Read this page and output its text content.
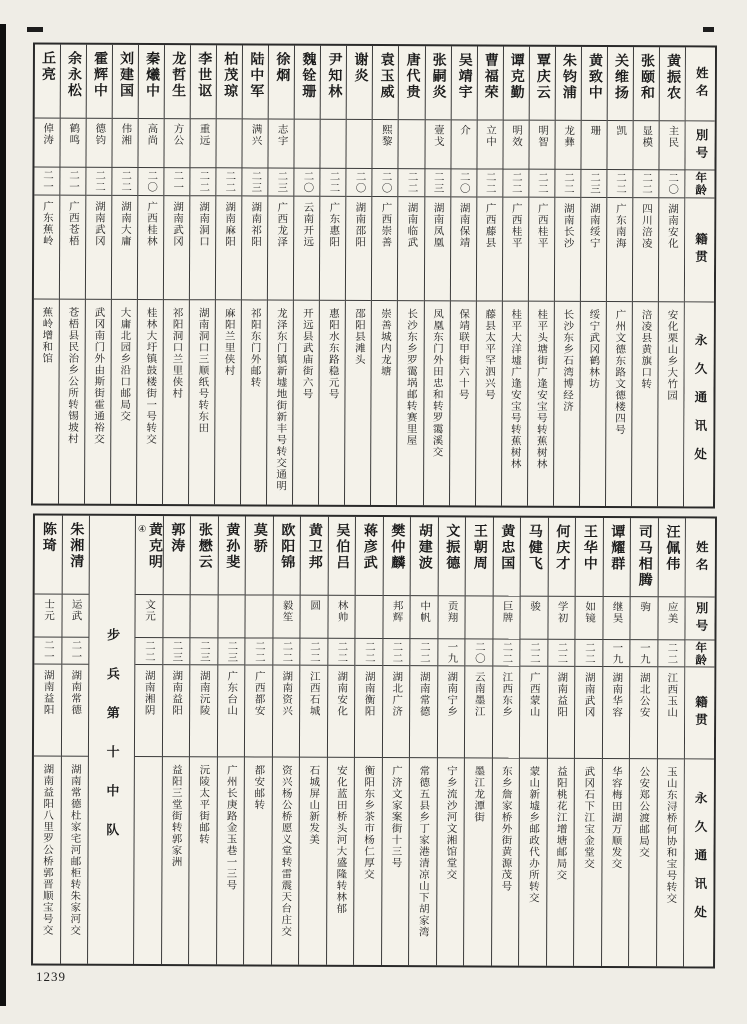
姓名
別号
年龄
籍贯
永久通讯处
黄振农
主民
二〇
湖南安化
安化栗山乡大竹园
张颐和
显模
二二
四川涪凌
涪凌县黄旗口转
关维扬
凯
二二
广东南海
广州文德东路文德楼四号
黄致中
珊
二三
湖南绥宁
绥宁武冈鹤林坊
朱钧浦
龙彝
二二
湖南长沙
长沙东乡石湾博经济
覃庆云
明智
二二
广西桂平
桂平头塘街广逢安宝号转蕉树林
谭克勤
明效
二二
广西桂平
桂平大洋墟广逢安宝号转蕉树林
曹福荣
立中
二二
广西藤县
藤县太平罕泗兴号
吴靖宇
介
二〇
湖南保靖
保靖联甲街六十号
张嗣炎
壹戈
二三
湖南凤凰
凤凰东门外田忠和转罗霭溪交
唐代贵
二二
湖南临武
长沙东乡罗霭埚邮转赛里屋
袁玉威
熙黎
二〇
广西崇善
崇善城内龙塘
谢炎
二〇
湖南邵阳
邵阳县滩头
尹知林
二二
广东惠阳
惠阳水东路稳元号
魏铨珊
二〇
云南开远
开远县武庙街六号
徐烱
志宇
二三
广西龙泽
龙泽东门镇新墟地街新丰号转交通明
陆中军
满兴
二三
湖南祁阳
祁阳东门外邮转
柏茂琼
二二
湖南麻阳
麻阳兰里侠村
李世讴
重远
二二
湖南洞口
湖南洞口三顺纸号转东田
龙哲生
方公
二一
湖南武冈
祁阳洞口兰里侠村
秦爔中
高尚
二〇
广西桂林
桂林大圩镇鼓楼街一号转交
刘建国
伟湘
二二
湖南大庸
大庸北园乡沿口邮局交
霍辉中
德钧
二二
湖南武冈
武冈南门外由斯街霍通裕交
余永松
鹤鸣
二一
广西苍梧
苍梧县民治乡公所转锡坡村
丘亮
倬涛
二一
广东蕉岭
蕉岭增和馆
姓名
別号
年龄
籍贯
永久通讯处
汪佩伟
应美
二二
江西玉山
玉山东浔桥何协和宝号转交
司马相腾
驹
一九
湖北公安
公安郑公渡邮局交
谭耀群
继昊
一九
湖南华容
华容梅田湖万顺发交
王华中
如镜
二二
湖南武冈
武冈石下江宝金堂交
何庆才
学初
二二
湖南益阳
益阳桃花江增塘邮局交
马健飞
骏
二二
广西蒙山
蒙山新墟乡邮政代办所转交
黄忠国
巨牌
二二
江西东乡
东乡詹家桥外街黄源茂号
王朝周
二〇
云南墨江
墨江龙潭街
文振德
贡翔
一九
湖南宁乡
宁乡流沙河文湘馆堂交
胡建波
中帆
二二
湖南常德
常德五县乡丁家港清凉山下胡家湾
樊仲麟
邦辉
二二
湖北广济
广济文家案街十三号
蒋彦武
二二
湖南衡阳
衡阳东乡茶市杨仁厚交
吴伯吕
林帅
二二
湖南安化
安化蓝田桥头河大盛隆转林郁
黄卫邦
圆
二二
江西石城
石城屏山新发美
欧阳锦
毅笙
二二
湖南资兴
资兴杨公桥愿义堂转雷震天台庄交
莫骄
二二
广西都安
都安邮转
黄孙斐
二三
广东台山
广州长庚路金玉巷一三号
张懋云
二三
湖南沅陵
沅陵太平街邮转
郭涛
二三
湖南益阳
益阳三堂街转郭家洲
黄克明
④
文元
二二
湖南湘阴
步兵第十中队
朱湘清
运武
二一
湖南常德
湖南常德杜家宅河邮柜转朱家河交
陈琦
士元
二一
湖南益阳
湖南益阳八里罗公桥郭晋顺宝号交
1239
